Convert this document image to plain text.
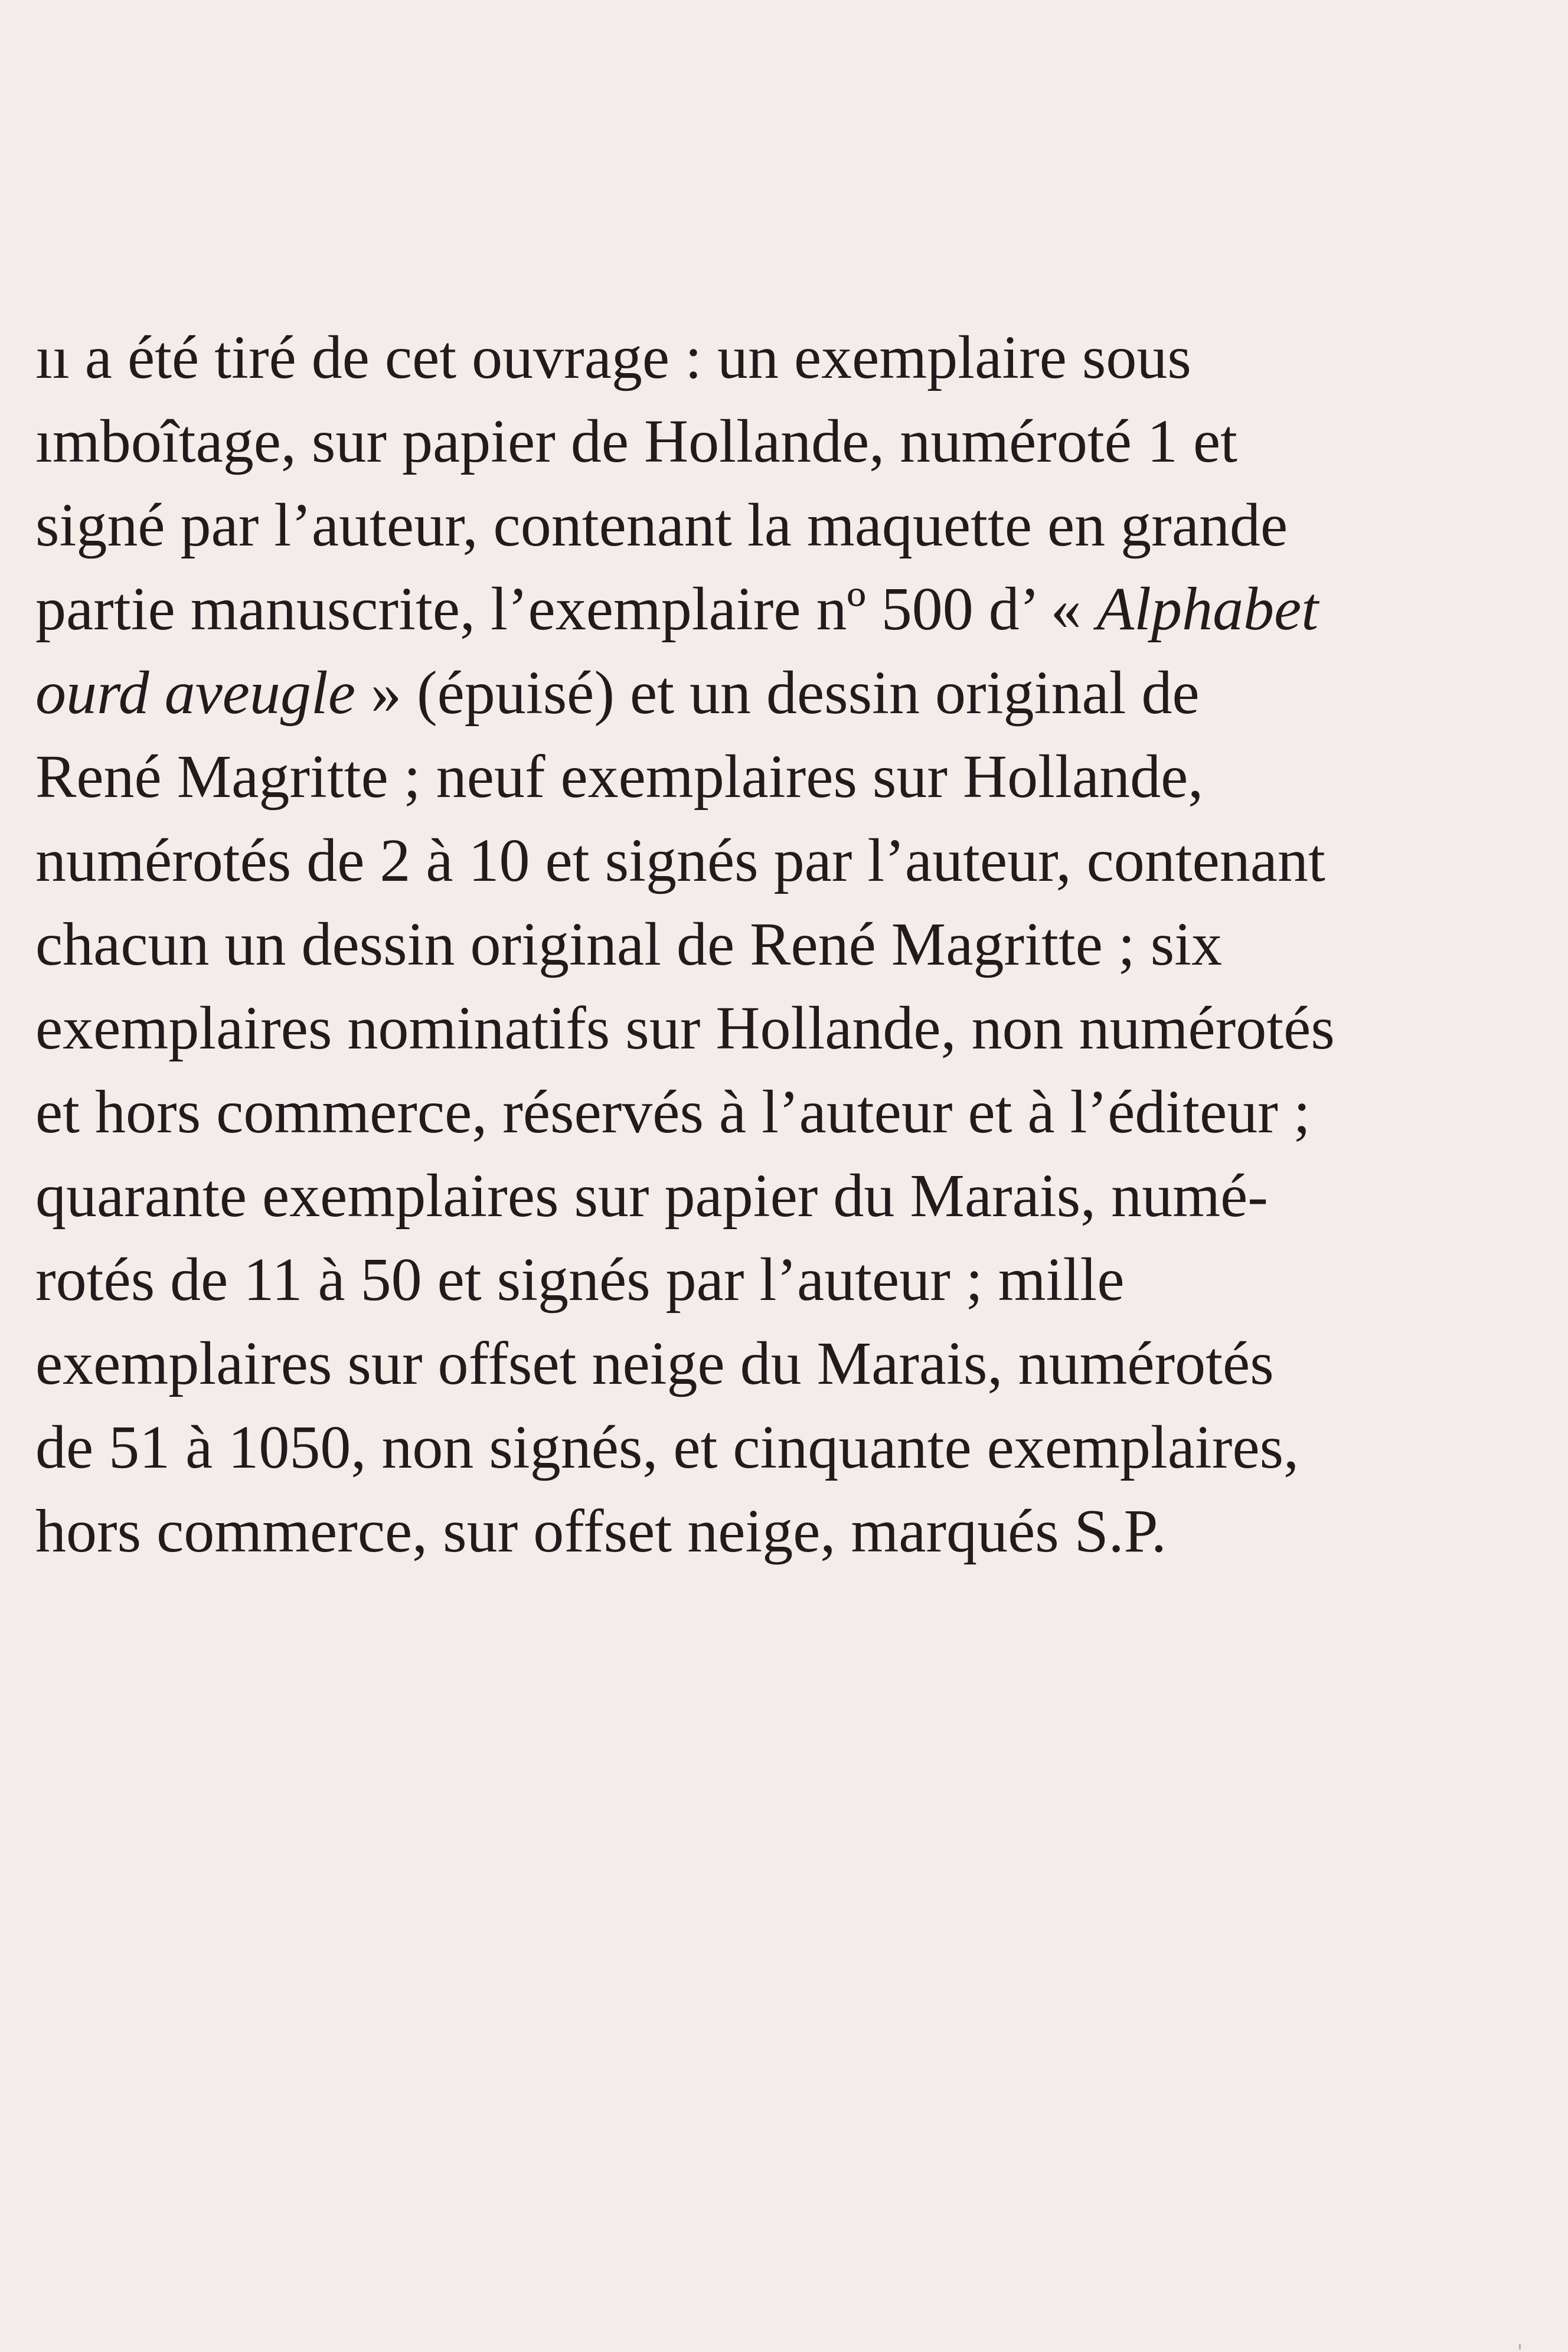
ıı a été tiré de cet ouvrage : un exemplaire sous
ımboîtage, sur papier de Hollande, numéroté 1 et
signé par l’auteur, contenant la maquette en grande
partie manuscrite, l’exemplaire nº 500 d’ « Alphabet
ourd aveugle » (épuisé) et un dessin original de
René Magritte ; neuf exemplaires sur Hollande,
numérotés de 2 à 10 et signés par l’auteur, contenant
chacun un dessin original de René Magritte ; six
exemplaires nominatifs sur Hollande, non numérotés
et hors commerce, réservés à l’auteur et à l’éditeur ;
quarante exemplaires sur papier du Marais, numé-
rotés de 11 à 50 et signés par l’auteur ; mille
exemplaires sur offset neige du Marais, numérotés
de 51 à 1050, non signés, et cinquante exemplaires,
hors commerce, sur offset neige, marqués S.P.
